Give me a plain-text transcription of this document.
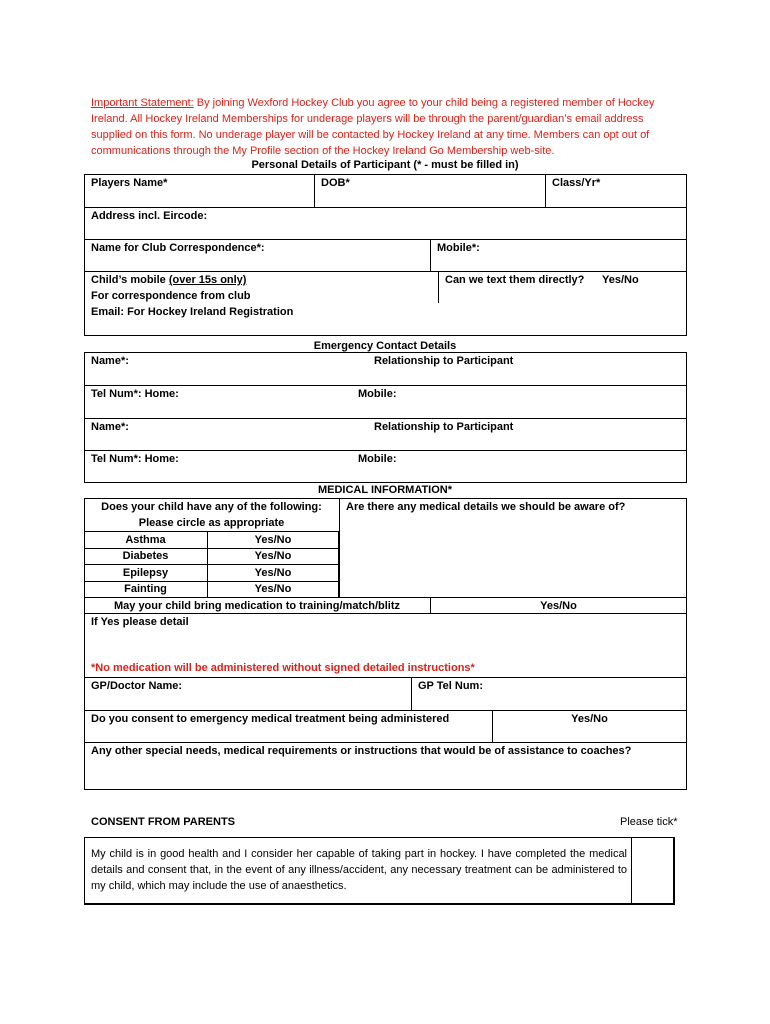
Important Statement: By joining Wexford Hockey Club you agree to your child being a registered member of Hockey Ireland. All Hockey Ireland Memberships for underage players will be through the parent/guardian’s email address supplied on this form. No underage player will be contacted by Hockey Ireland at any time. Members can opt out of communications through the My Profile section of the Hockey Ireland Go Membership web-site.
Personal Details of Participant (* - must be filled in)
Players Name*	DOB*	Class/Yr*
Address incl. Eircode:
Name for Club Correspondence*:	Mobile*:
Child’s mobile (over 15s only)
For correspondence from club
Email: For Hockey Ireland Registration
Can we text them directly? Yes/No
Emergency Contact Details
Name*:	Relationship to Participant
Tel Num*: Home:	Mobile:
Name*:	Relationship to Participant
Tel Num*: Home:	Mobile:
MEDICAL INFORMATION*
Does your child have any of the following:
Please circle as appropriate
Are there any medical details we should be aware of?
Asthma	Yes/No
Diabetes	Yes/No
Epilepsy	Yes/No
Fainting	Yes/No
May your child bring medication to training/match/blitz	Yes/No
If Yes please detail
*No medication will be administered without signed detailed instructions*
GP/Doctor Name:	GP Tel Num:
Do you consent to emergency medical treatment being administered	Yes/No
Any other special needs, medical requirements or instructions that would be of assistance to coaches?
CONSENT FROM PARENTS	Please tick*
My child is in good health and I consider her capable of taking part in hockey. I have completed the medical details and consent that, in the event of any illness/accident, any necessary treatment can be administered to my child, which may include the use of anaesthetics.
